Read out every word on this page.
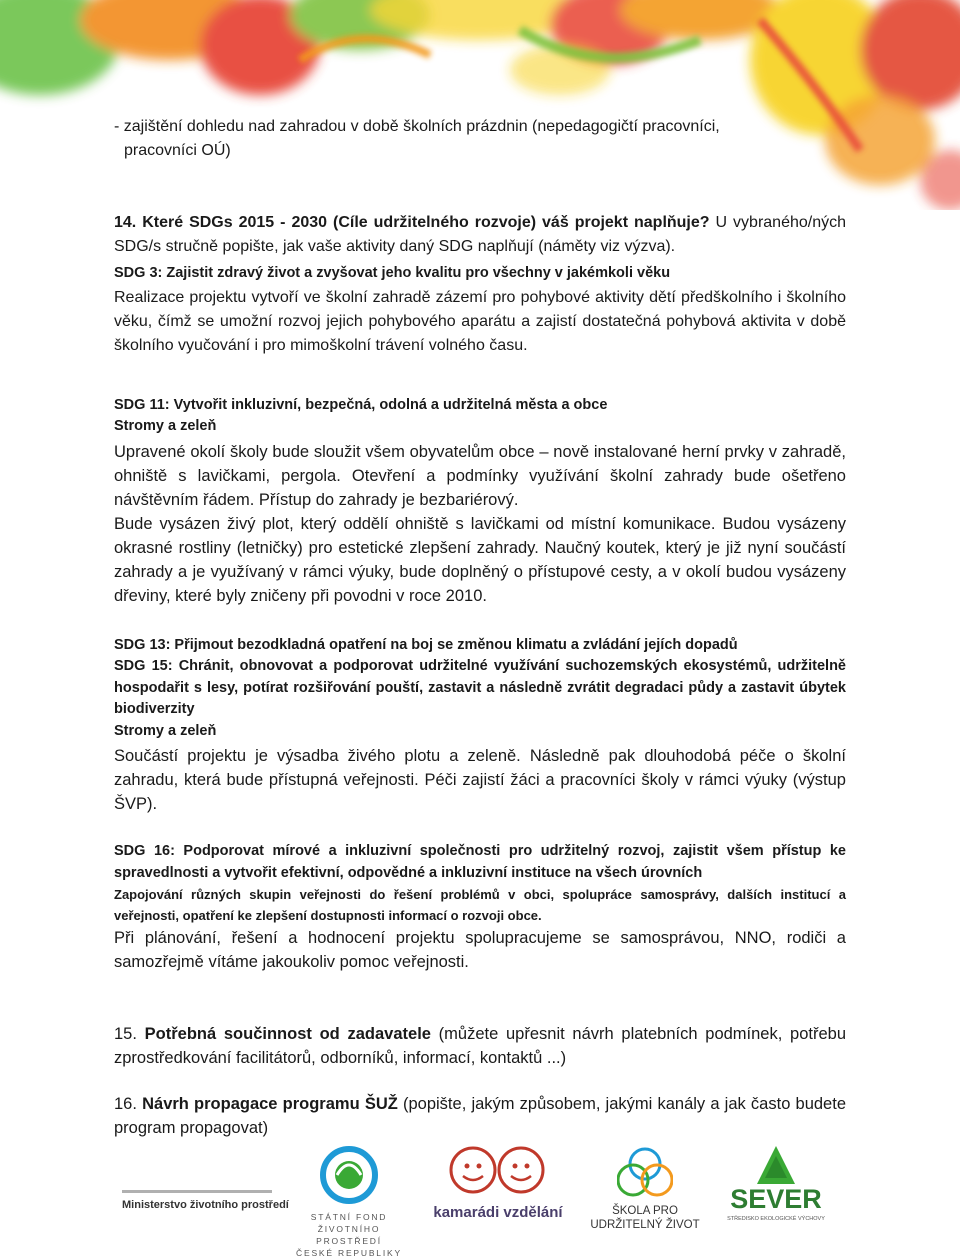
- zajištění dohledu nad zahradou v době školních prázdnin (nepedagogičtí pracovníci,

pracovníci OÚ)

14. Které SDGs 2015 - 2030 (Cíle udržitelného rozvoje) váš projekt naplňuje? U vybraného/ných SDG/s stručně popište, jak vaše aktivity daný SDG naplňují (náměty viz výzva).

SDG 3: Zajistit zdravý život a zvyšovat jeho kvalitu pro všechny v jakémkoli věku

Realizace projektu vytvoří ve školní zahradě zázemí pro pohybové aktivity dětí předškolního i školního věku, čímž se umožní rozvoj jejich pohybového aparátu a zajistí dostatečná pohybová aktivita v době školního vyučování i pro mimoškolní trávení volného času.

SDG 11: Vytvořit inkluzivní, bezpečná, odolná a udržitelná města a obce

Stromy a zeleň

Upravené okolí školy bude sloužit všem obyvatelům obce – nově instalované herní prvky v zahradě, ohniště s lavičkami, pergola. Otevření a podmínky využívání školní zahrady bude ošetřeno návštěvním řádem. Přístup do zahrady je bezbariérový.

Bude vysázen živý plot, který oddělí ohniště s lavičkami od místní komunikace. Budou vysázeny okrasné rostliny (letničky) pro estetické zlepšení zahrady. Naučný koutek, který je již nyní součástí zahrady a je využívaný v rámci výuky, bude doplněný o přístupové cesty, a v okolí budou vysázeny dřeviny, které byly zničeny při povodni v roce 2010.

SDG 13: Přijmout bezodkladná opatření na boj se změnou klimatu a zvládání jejích dopadů

SDG 15: Chránit, obnovovat a podporovat udržitelné využívání suchozemských ekosystémů, udržitelně hospodařit s lesy, potírat rozšiřování pouští, zastavit a následně zvrátit degradaci půdy a zastavit úbytek biodiverzity

Stromy a zeleň

Součástí projektu je výsadba živého plotu a zeleně. Následně pak dlouhodobá péče o školní zahradu, která bude přístupná veřejnosti. Péči zajistí žáci a pracovníci školy v rámci výuky (výstup ŠVP).

SDG 16: Podporovat mírové a inkluzivní společnosti pro udržitelný rozvoj, zajistit všem přístup ke spravedlnosti a vytvořit efektivní, odpovědné a inkluzivní instituce na všech úrovních

Zapojování různých skupin veřejnosti do řešení problémů v obci, spolupráce samosprávy, dalších institucí a veřejnosti, opatření ke zlepšení dostupnosti informací o rozvoji obce.

Při plánování, řešení a hodnocení projektu spolupracujeme se samosprávou, NNO, rodiči a samozřejmě vítáme jakoukoliv pomoc veřejnosti.

15. Potřebná součinnost od zadavatele (můžete upřesnit návrh platebních podmínek, potřebu zprostředkování facilitátorů, odborníků, informací, kontaktů ...)

16. Návrh propagace programu ŠUŽ (popište, jakým způsobem, jakými kanály a jak často budete program propagovat)

Ministerstvo životního prostředí
STÁTNÍ FOND
ŽIVOTNÍHO PROSTŘEDÍ
ČESKÉ REPUBLIKY
kamarádi vzdělání	ŠKOLA PRO
UDRŽITELNÝ ŽIVOT
SEVER
STŘEDISKO EKOLOGICKÉ VÝCHOVY
